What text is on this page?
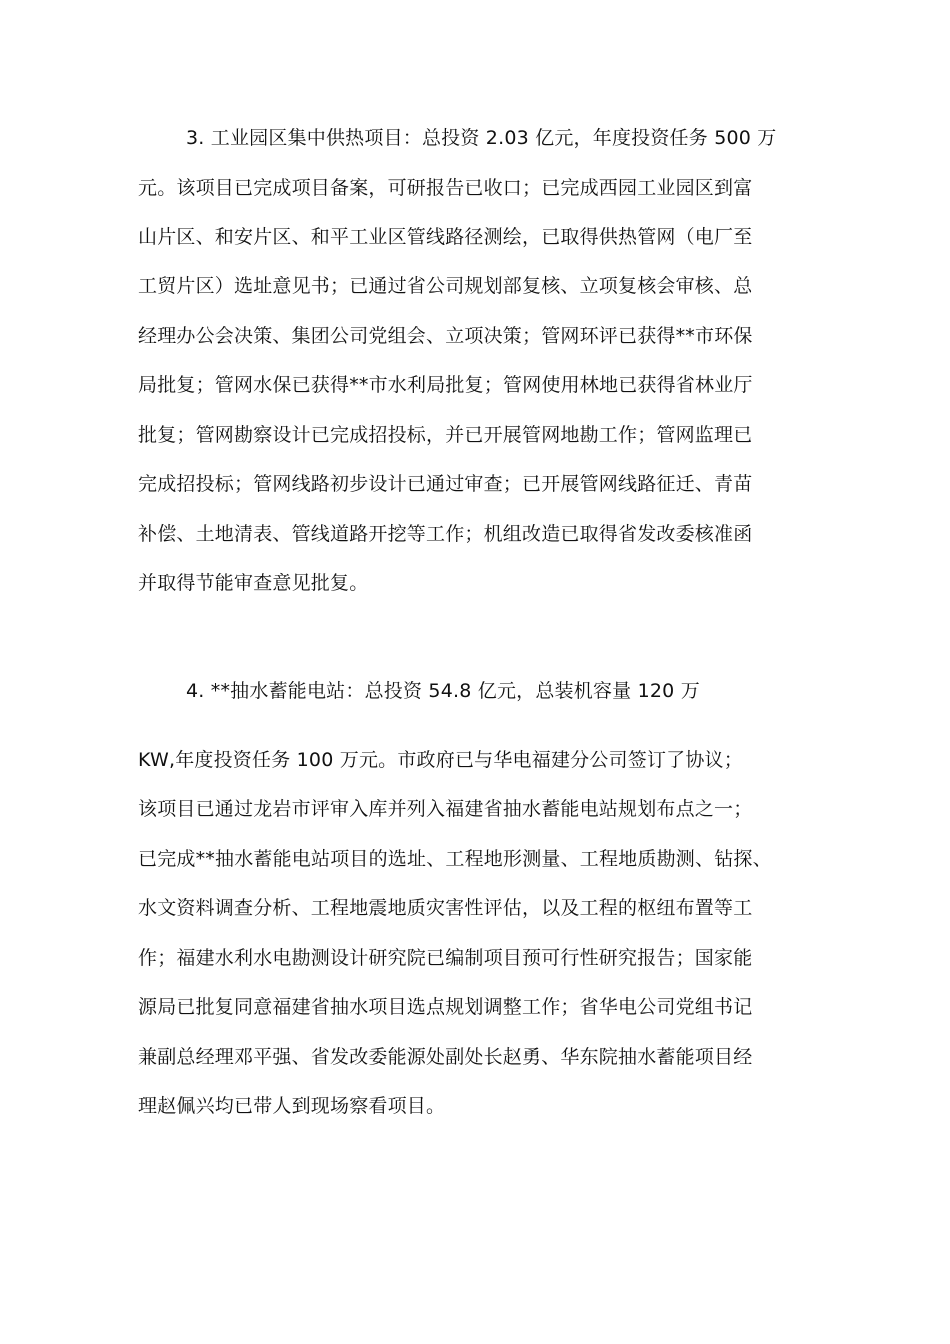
3. 工业园区集中供热项目：总投资 2.03 亿元，年度投资任务 500 万
元。该项目已完成项目备案，可研报告已收口；已完成西园工业园区到富
山片区、和安片区、和平工业区管线路径测绘，已取得供热管网（电厂至
工贸片区）选址意见书；已通过省公司规划部复核、立项复核会审核、总
经理办公会决策、集团公司党组会、立项决策；管网环评已获得**市环保
局批复；管网水保已获得**市水利局批复；管网使用林地已获得省林业厅
批复；管网勘察设计已完成招投标，并已开展管网地勘工作；管网监理已
完成招投标；管网线路初步设计已通过审查；已开展管网线路征迁、青苗
补偿、土地清表、管线道路开挖等工作；机组改造已取得省发改委核准函
并取得节能审查意见批复。
4. **抽水蓄能电站：总投资 54.8 亿元，总装机容量 120 万
KW,年度投资任务 100 万元。市政府已与华电福建分公司签订了协议；
该项目已通过龙岩市评审入库并列入福建省抽水蓄能电站规划布点之一；
已完成**抽水蓄能电站项目的选址、工程地形测量、工程地质勘测、钻探、
水文资料调查分析、工程地震地质灾害性评估，以及工程的枢纽布置等工
作；福建水利水电勘测设计研究院已编制项目预可行性研究报告；国家能
源局已批复同意福建省抽水项目选点规划调整工作；省华电公司党组书记
兼副总经理邓平强、省发改委能源处副处长赵勇、华东院抽水蓄能项目经
理赵佩兴均已带人到现场察看项目。
